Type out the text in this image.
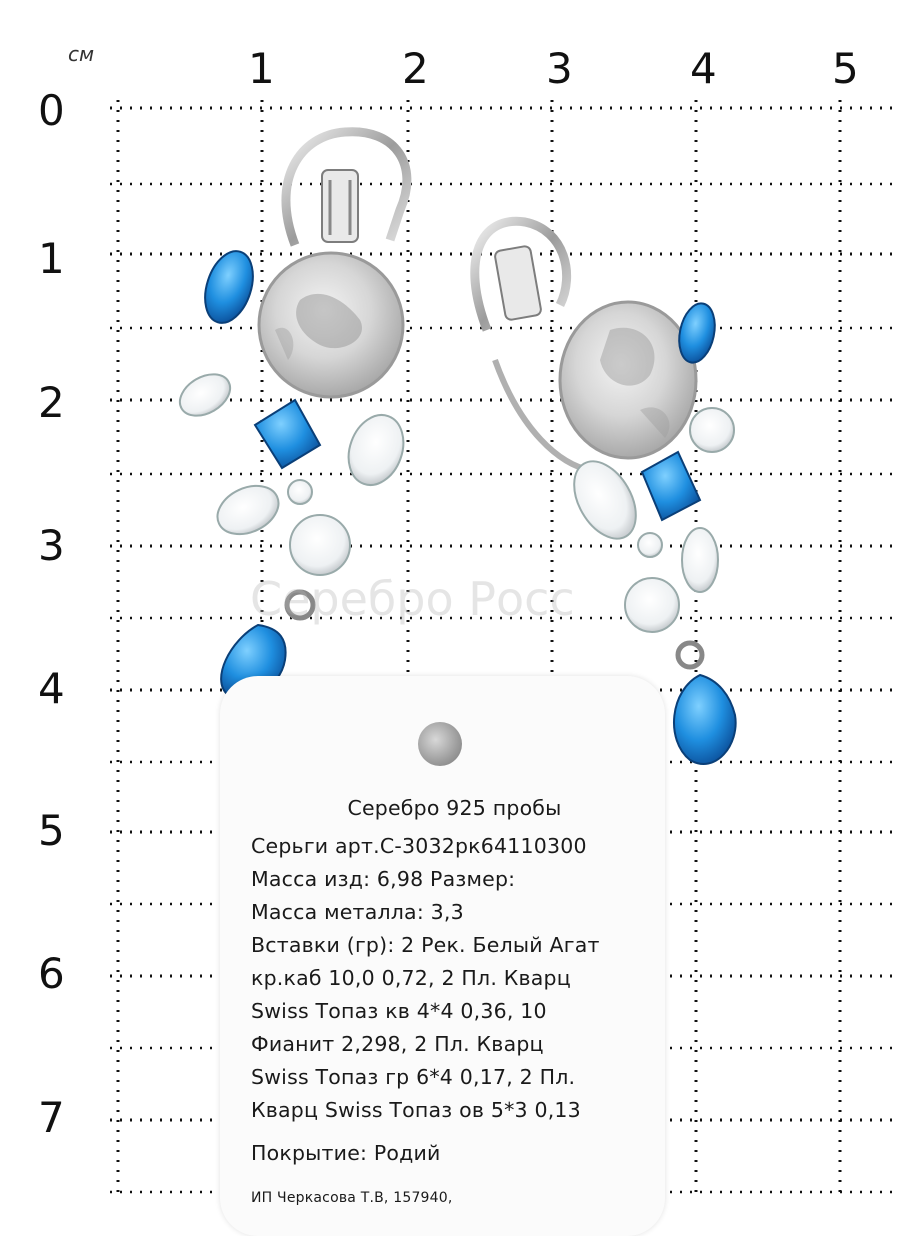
см	1	2	3	4	5
0
1
2
3
4
5
6
7
Серебро Росс
Серебро 925 пробы
Серьги арт.С-3032рк64110300
Масса изд: 6,98 Размер:
Масса металла: 3,3
Вставки (гр): 2 Рек. Белый Агат
кр.каб 10,0 0,72, 2 Пл. Кварц
Swiss Топаз кв 4*4 0,36, 10
Фианит 2,298, 2 Пл. Кварц
Swiss Топаз гр 6*4 0,17, 2 Пл.
Кварц Swiss Топаз ов 5*3 0,13
Покрытие: Родий
ИП Черкасова Т.В, 157940,
